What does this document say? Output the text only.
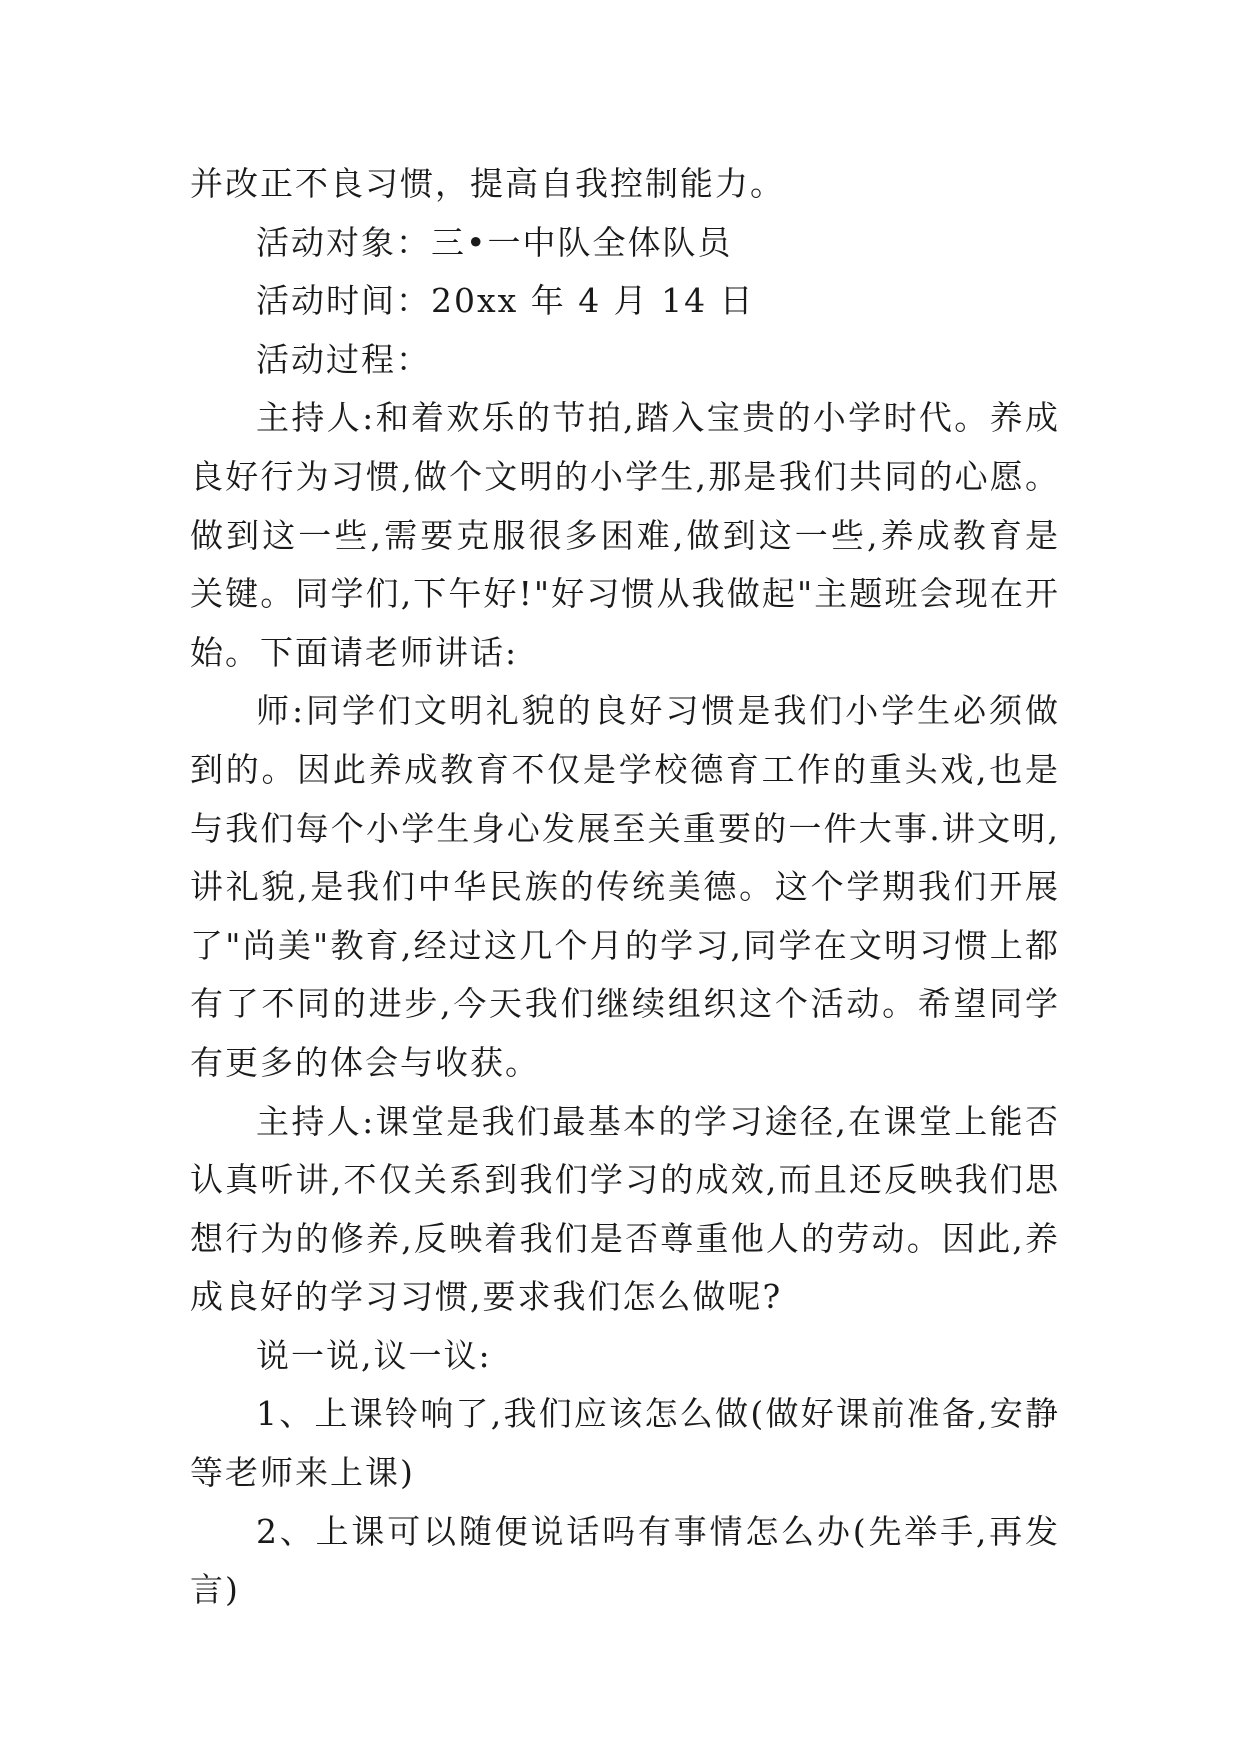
并改正不良习惯，提高自我控制能力。

活动对象：三•一中队全体队员

活动时间：20xx 年 4 月 14 日

活动过程：

主持人:和着欢乐的节拍,踏入宝贵的小学时代。养成良好行为习惯,做个文明的小学生,那是我们共同的心愿。做到这一些,需要克服很多困难,做到这一些,养成教育是关键。同学们,下午好!"好习惯从我做起"主题班会现在开始。下面请老师讲话:

师:同学们文明礼貌的良好习惯是我们小学生必须做到的。因此养成教育不仅是学校德育工作的重头戏,也是与我们每个小学生身心发展至关重要的一件大事.讲文明,讲礼貌,是我们中华民族的传统美德。这个学期我们开展了"尚美"教育,经过这几个月的学习,同学在文明习惯上都有了不同的进步,今天我们继续组织这个活动。希望同学有更多的体会与收获。

主持人:课堂是我们最基本的学习途径,在课堂上能否认真听讲,不仅关系到我们学习的成效,而且还反映我们思想行为的修养,反映着我们是否尊重他人的劳动。因此,养成良好的学习习惯,要求我们怎么做呢?

说一说,议一议:

1、上课铃响了,我们应该怎么做(做好课前准备,安静等老师来上课)

2、上课可以随便说话吗有事情怎么办(先举手,再发言)
